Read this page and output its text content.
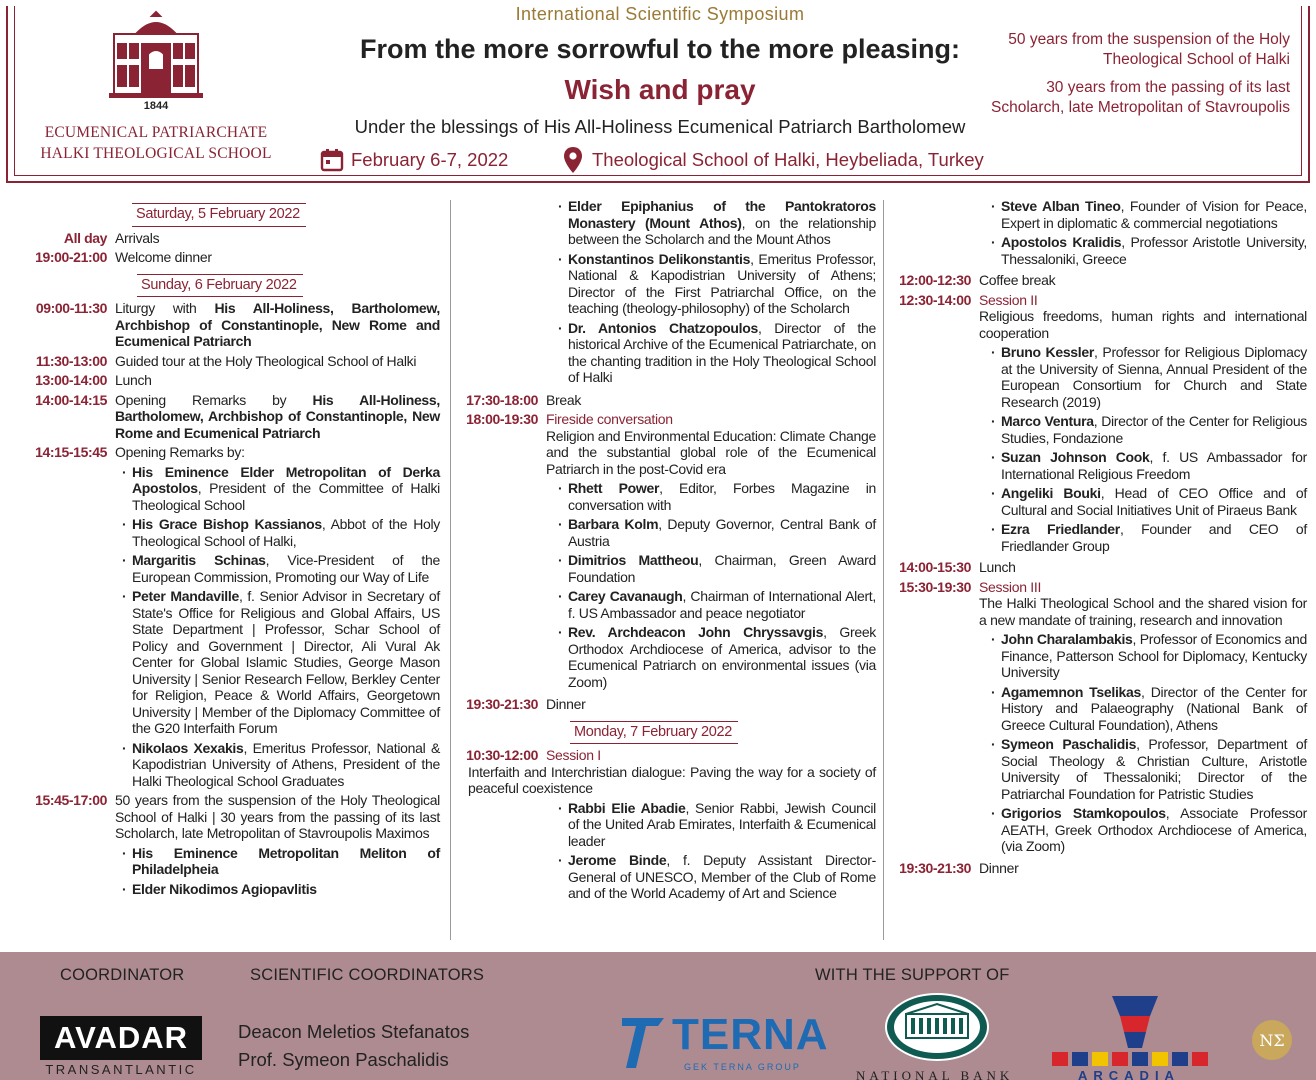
1844
ECUMENICAL PATRIARCHATE
HALKI THEOLOGICAL SCHOOL
International Scientific Symposium
From the more sorrowful to the more pleasing:
Wish and pray
Under the blessings of His All-Holiness Ecumenical Patriarch Bartholomew
February 6-7, 2022	Theological School of Halki, Heybeliada, Turkey

50 years from the suspension of the Holy Theological School of Halki

30 years from the passing of its last Scholarch, late Metropolitan of Stavroupolis

Saturday, 5 February 2022
All day Arrivals
19:00-21:00 Welcome dinner
Sunday, 6 February 2022
09:00-11:30 Liturgy with His All-Holiness, Bartholomew, Archbishop of Constantinople, New Rome and Ecumenical Patriarch
11:30-13:00 Guided tour at the Holy Theological School of Halki
13:00-14:00 Lunch
14:00-14:15 Opening Remarks by His All-Holiness, Bartholomew, Archbishop of Constantinople, New Rome and Ecumenical Patriarch
14:15-15:45 Opening Remarks by:
· His Eminence Elder Metropolitan of Derka Apostolos, President of the Committee of Halki Theological School
· His Grace Bishop Kassianos, Abbot of the Holy Theological School of Halki,
· Margaritis Schinas, Vice-President of the European Commission, Promoting our Way of Life
· Peter Mandaville, f. Senior Advisor in Secretary of State's Office for Religious and Global Affairs, US State Department | Professor, Schar School of Policy and Government | Director, Ali Vural Ak Center for Global Islamic Studies, George Mason University | Senior Research Fellow, Berkley Center for Religion, Peace & World Affairs, Georgetown University | Member of the Diplomacy Committee of the G20 Interfaith Forum
· Nikolaos Xexakis, Emeritus Professor, National & Kapodistrian University of Athens, President of the Halki Theological School Graduates
15:45-17:00 50 years from the suspension of the Holy Theological School of Halki | 30 years from the passing of its last Scholarch, late Metropolitan of Stavroupolis Maximos
· His Eminence Metropolitan Meliton of Philadelpheia
· Elder Nikodimos Agiopavlitis
· Elder Epiphanius of the Pantokratoros Monastery (Mount Athos), on the relationship between the Scholarch and the Mount Athos
· Konstantinos Delikonstantis, Emeritus Professor, National & Kapodistrian University of Athens; Director of the First Patriarchal Office, on the teaching (theology-philosophy) of the Scholarch
· Dr. Antonios Chatzopoulos, Director of the historical Archive of the Ecumenical Patriarchate, on the chanting tradition in the Holy Theological School of Halki
17:30-18:00 Break
18:00-19:30 Fireside conversation
Religion and Environmental Education: Climate Change and the substantial global role of the Ecumenical Patriarch in the post-Covid era
· Rhett Power, Editor, Forbes Magazine in conversation with
· Barbara Kolm, Deputy Governor, Central Bank of Austria
· Dimitrios Mattheou, Chairman, Green Award Foundation
· Carey Cavanaugh, Chairman of International Alert, f. US Ambassador and peace negotiator
· Rev. Archdeacon John Chryssavgis, Greek Orthodox Archdiocese of America, advisor to the Ecumenical Patriarch on environmental issues (via Zoom)
19:30-21:30 Dinner
Monday, 7 February 2022
10:30-12:00 Session I
Interfaith and Interchristian dialogue: Paving the way for a society of peaceful coexistence
· Rabbi Elie Abadie, Senior Rabbi, Jewish Council of the United Arab Emirates, Interfaith & Ecumenical leader
· Jerome Binde, f. Deputy Assistant Director-General of UNESCO, Member of the Club of Rome and of the World Academy of Art and Science
· Steve Alban Tineo, Founder of Vision for Peace, Expert in diplomatic & commercial negotiations
· Apostolos Kralidis, Professor Aristotle University, Thessaloniki, Greece
12:00-12:30 Coffee break
12:30-14:00 Session II
Religious freedoms, human rights and international cooperation
· Bruno Kessler, Professor for Religious Diplomacy at the University of Sienna, Annual President of the European Consortium for Church and State Research (2019)
· Marco Ventura, Director of the Center for Religious Studies, Fondazione
· Suzan Johnson Cook, f. US Ambassador for International Religious Freedom
· Angeliki Bouki, Head of CEO Office and of Cultural and Social Initiatives Unit of Piraeus Bank
· Ezra Friedlander, Founder and CEO of Friedlander Group
14:00-15:30 Lunch
15:30-19:30 Session III
The Halki Theological School and the shared vision for a new mandate of training, research and innovation
· John Charalambakis, Professor of Economics and Finance, Patterson School for Diplomacy, Kentucky University
· Agamemnon Tselikas, Director of the Center for History and Palaeography (National Bank of Greece Cultural Foundation), Athens
· Symeon Paschalidis, Professor, Department of Social Theology & Christian Culture, Aristotle University of Thessaloniki; Director of the Patriarchal Foundation for Patristic Studies
· Grigorios Stamkopoulos, Associate Professor AEATH, Greek Orthodox Archdiocese of America, (via Zoom)
19:30-21:30 Dinner
COORDINATOR	SCIENTIFIC COORDINATORS	WITH THE SUPPORT OF
AVADAR
TRANSANTLANTIC
Deacon Meletios Stefanatos
Prof. Symeon Paschalidis
TERNA
GEK TERNA GROUP
NATIONAL BANK	ARCADIA
NΣ
